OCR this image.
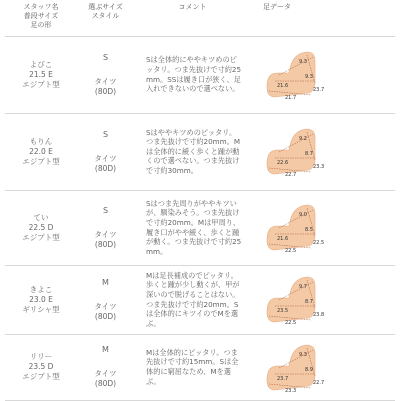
スタッフ名
普段サイズ
足の形
選ぶサイズ
スタイル
コメント	足データ
よぴこ
21.5 E
エジプト型
S
タイツ
(80D)
Sは全体的にややキツめのピッタリ。つま先抜けで寸約25mm。SSは履き口が狭く、足入れできないので選べない。
9.3
9.3
23.7
21.6
21.7
もりん
22.0 E
エジプト型
S
タイツ
(80D)
Sはややキツめのピッタリ。つま先抜けで寸約20mm。Mは全体的に緩く歩くと踵が動くので選べない。つま先抜けで寸約30mm。
9.2
8.7
23.3
22.6
22.7
てい
22.5 D
エジプト型
S
タイツ
(80D)
Sはつま先周りがややキツいが、馴染みそう。つま先抜けで寸約20mm。Mは甲周り、履き口がやや緩く、歩くと踵が動く。つま先抜けで寸約25mm。
9.0
8.5
22.5
21.6
22.5
きよこ
23.0 E
ギリシャ型
M
タイツ
(80D)
Mは足長補成のでピッタリ。歩くと踵が少し動くが、甲が深いので脱げることはない。つま先抜けで寸約20mm。Sは全体的にキツイのでMを選ぶ。
9.7
8.7
23.8
23.5
22.5
リリー
23.5 D
エジプト型
M
タイツ
(80D)
Mは全体的にピッタリ。つま先抜けで寸約15mm。Sは全体的に窮屈なため、Mを選ぶ。
9.3
8.9
22.7
23.7
23.3
